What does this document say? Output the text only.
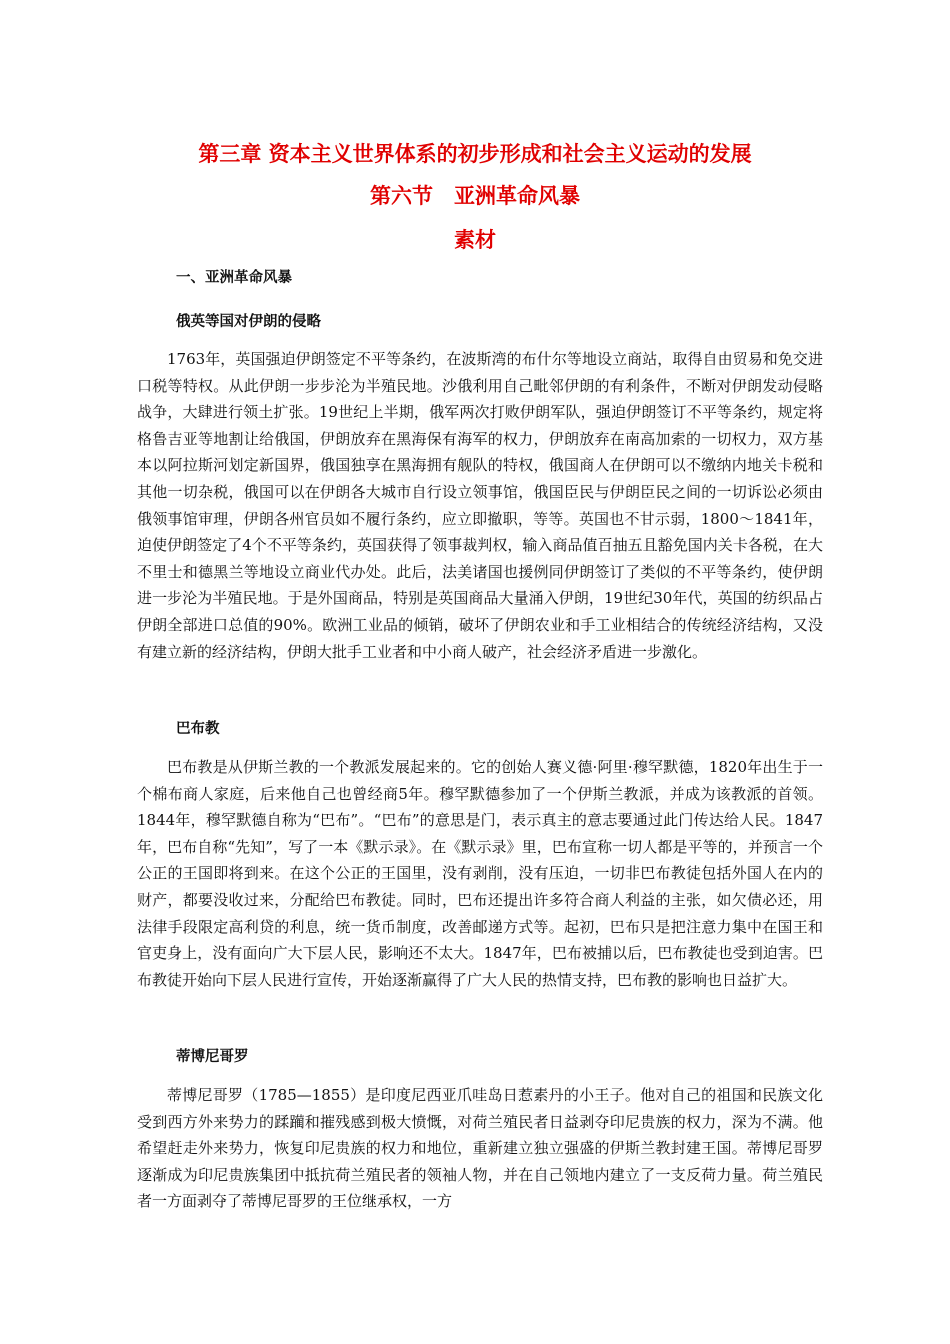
第三章 资本主义世界体系的初步形成和社会主义运动的发展
第六节　亚洲革命风暴
素材
一、亚洲革命风暴
俄英等国对伊朗的侵略
1763年，英国强迫伊朗签定不平等条约，在波斯湾的布什尔等地设立商站，取得自由贸易和免交进口税等特权。从此伊朗一步步沦为半殖民地。沙俄利用自己毗邻伊朗的有利条件，不断对伊朗发动侵略战争，大肆进行领土扩张。19世纪上半期，俄军两次打败伊朗军队，强迫伊朗签订不平等条约，规定将格鲁吉亚等地割让给俄国，伊朗放弃在黑海保有海军的权力，伊朗放弃在南高加索的一切权力，双方基本以阿拉斯河划定新国界，俄国独享在黑海拥有舰队的特权，俄国商人在伊朗可以不缴纳内地关卡税和其他一切杂税，俄国可以在伊朗各大城市自行设立领事馆，俄国臣民与伊朗臣民之间的一切诉讼必须由俄领事馆审理，伊朗各州官员如不履行条约，应立即撤职，等等。英国也不甘示弱，1800～1841年，迫使伊朗签定了4个不平等条约，英国获得了领事裁判权，输入商品值百抽五且豁免国内关卡各税，在大不里士和德黑兰等地设立商业代办处。此后，法美诸国也援例同伊朗签订了类似的不平等条约，使伊朗进一步沦为半殖民地。于是外国商品，特别是英国商品大量涌入伊朗，19世纪30年代，英国的纺织品占伊朗全部进口总值的90%。欧洲工业品的倾销，破坏了伊朗农业和手工业相结合的传统经济结构，又没有建立新的经济结构，伊朗大批手工业者和中小商人破产，社会经济矛盾进一步激化。
巴布教
巴布教是从伊斯兰教的一个教派发展起来的。它的创始人赛义德·阿里·穆罕默德，1820年出生于一个棉布商人家庭，后来他自己也曾经商5年。穆罕默德参加了一个伊斯兰教派，并成为该教派的首领。1844年，穆罕默德自称为“巴布”。“巴布”的意思是门，表示真主的意志要通过此门传达给人民。1847年，巴布自称“先知”，写了一本《默示录》。在《默示录》里，巴布宣称一切人都是平等的，并预言一个公正的王国即将到来。在这个公正的王国里，没有剥削，没有压迫，一切非巴布教徒包括外国人在内的财产，都要没收过来，分配给巴布教徒。同时，巴布还提出许多符合商人利益的主张，如欠债必还，用法律手段限定高利贷的利息，统一货币制度，改善邮递方式等。起初，巴布只是把注意力集中在国王和官吏身上，没有面向广大下层人民，影响还不太大。1847年，巴布被捕以后，巴布教徒也受到迫害。巴布教徒开始向下层人民进行宣传，开始逐渐赢得了广大人民的热情支持，巴布教的影响也日益扩大。
蒂博尼哥罗
蒂博尼哥罗（1785—1855）是印度尼西亚爪哇岛日惹素丹的小王子。他对自己的祖国和民族文化受到西方外来势力的蹂躏和摧残感到极大愤慨，对荷兰殖民者日益剥夺印尼贵族的权力，深为不满。他希望赶走外来势力，恢复印尼贵族的权力和地位，重新建立独立强盛的伊斯兰教封建王国。蒂博尼哥罗逐渐成为印尼贵族集团中抵抗荷兰殖民者的领袖人物，并在自己领地内建立了一支反荷力量。荷兰殖民者一方面剥夺了蒂博尼哥罗的王位继承权，一方
